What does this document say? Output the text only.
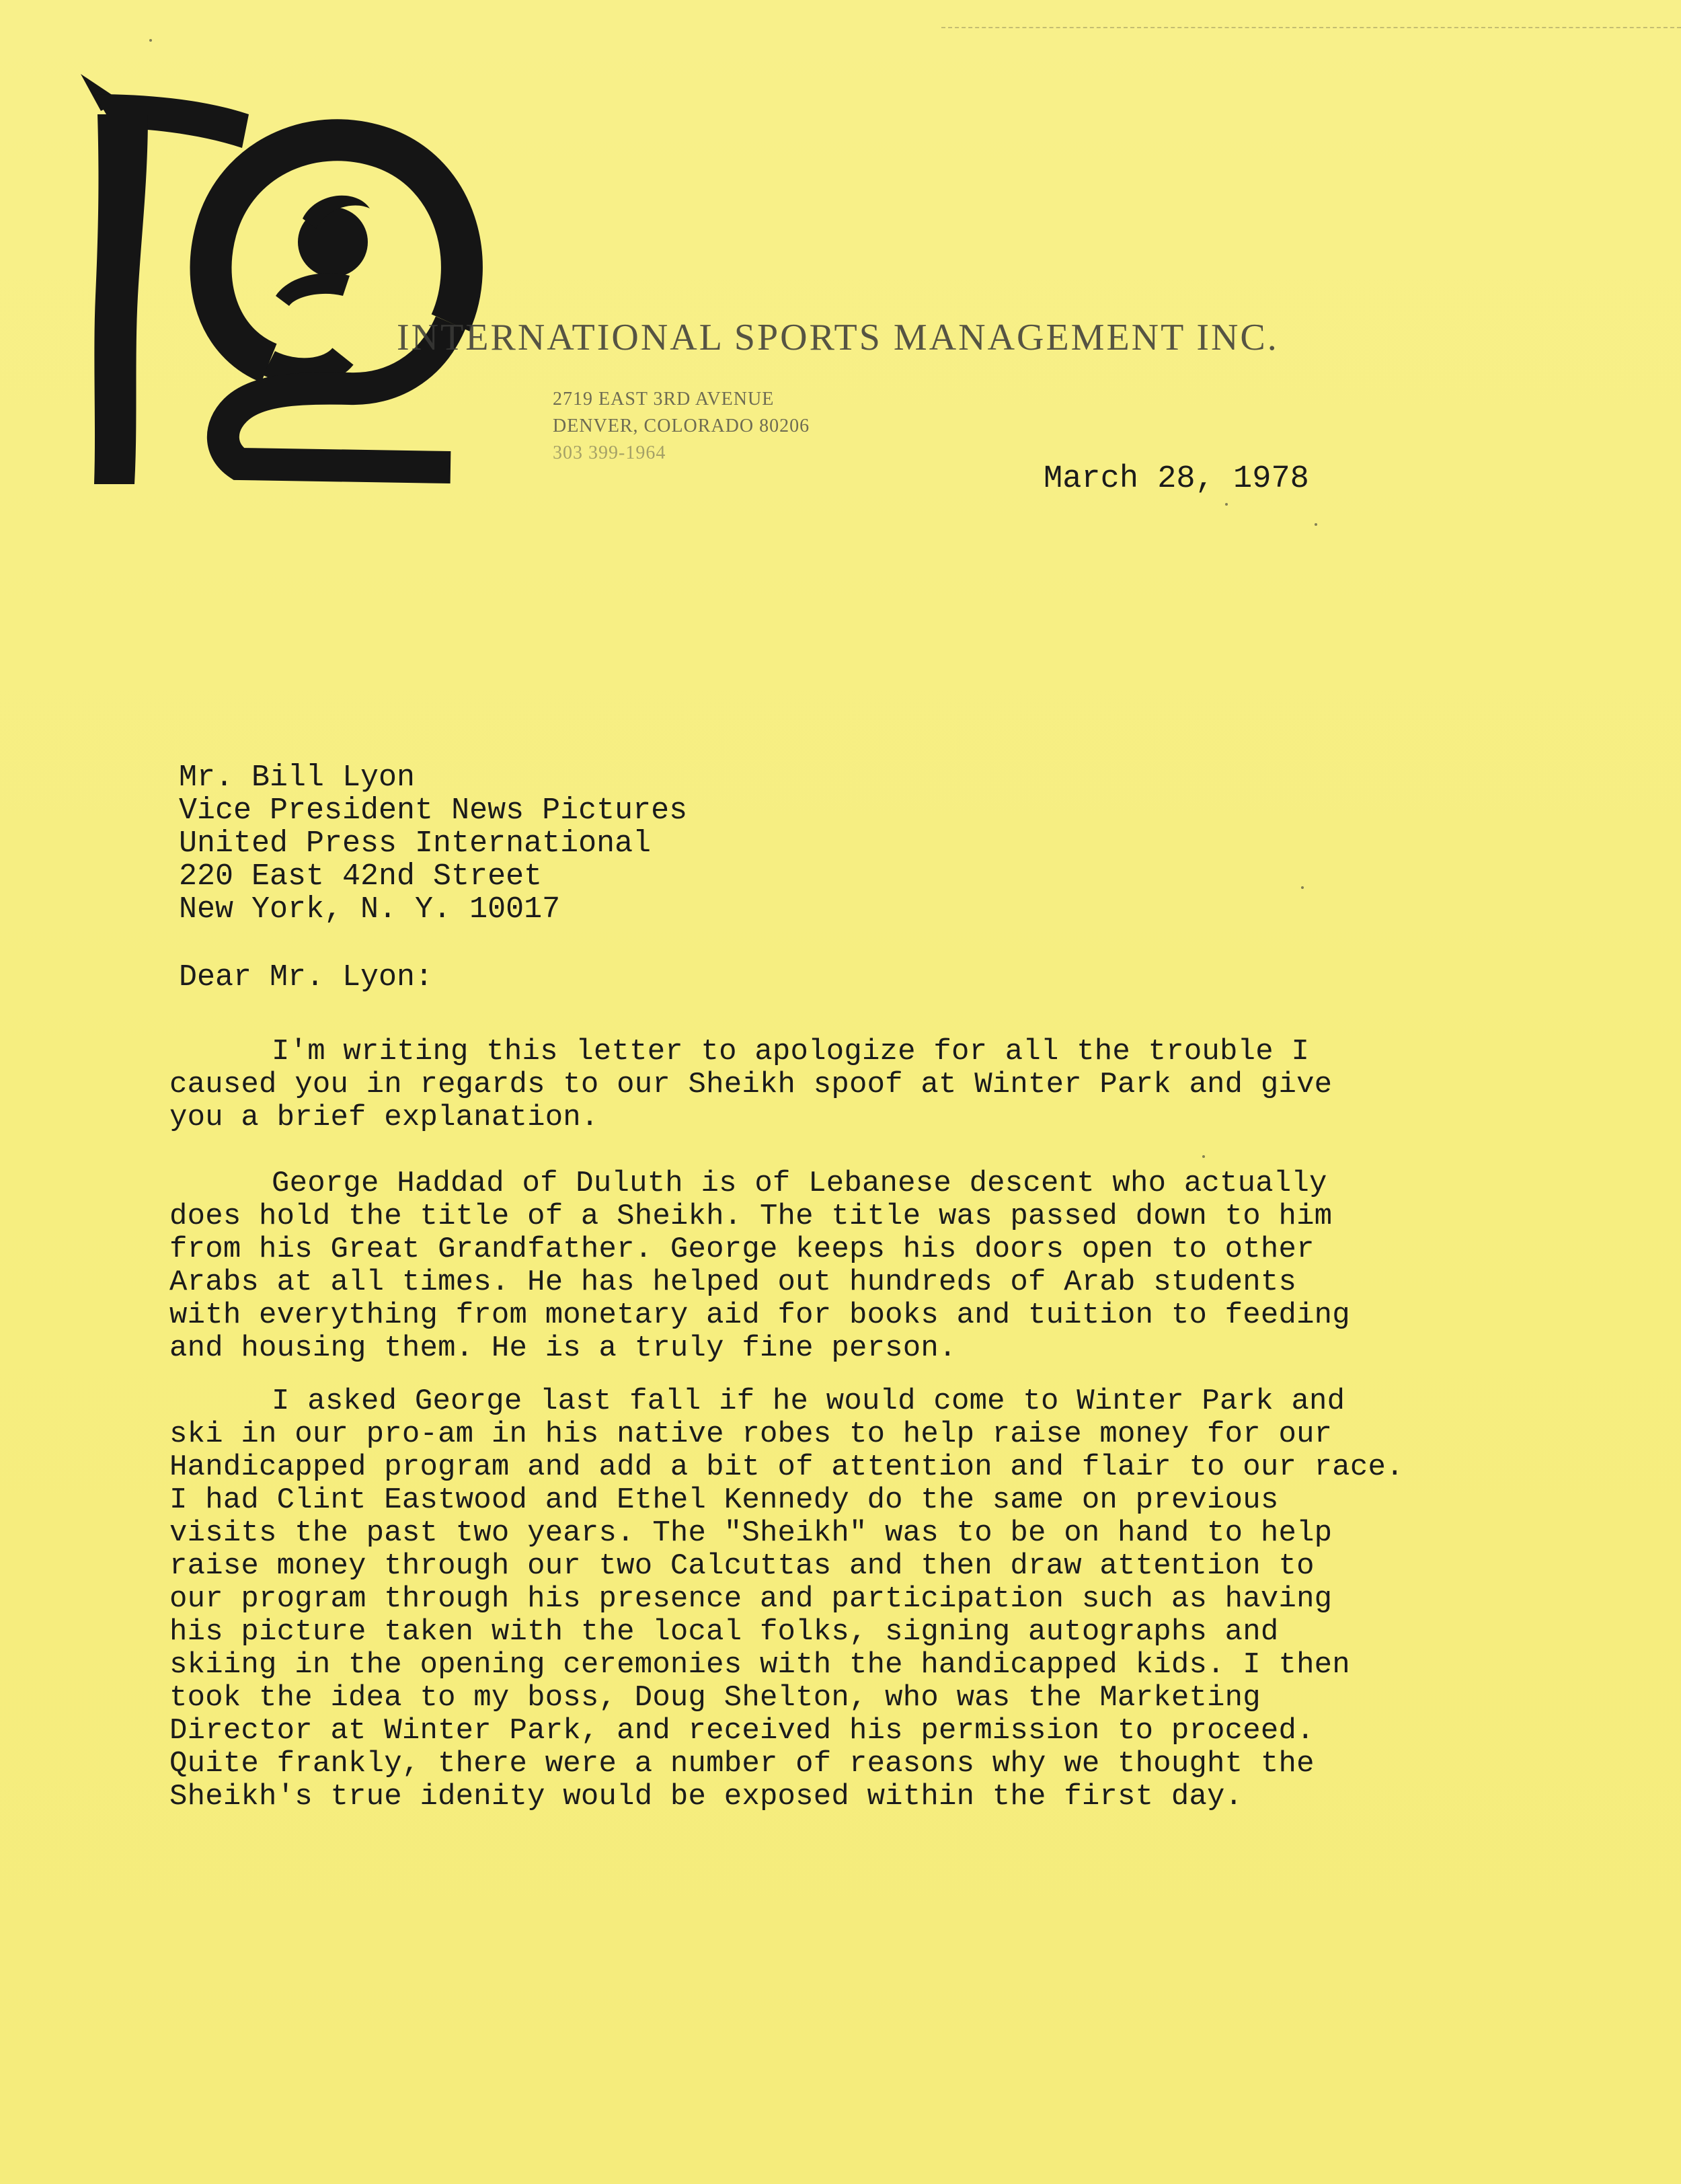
INTERNATIONAL SPORTS MANAGEMENT INC.
2719 EAST 3RD AVENUE
DENVER, COLORADO 80206
303 399-1964
March 28, 1978
Mr. Bill Lyon
Vice President News Pictures
United Press International
220 East 42nd Street
New York, N. Y. 10017
Dear Mr. Lyon:
I'm writing this letter to apologize for all the trouble I
caused you in regards to our Sheikh spoof at Winter Park and give
you a brief explanation.
George Haddad of Duluth is of Lebanese descent who actually
does hold the title of a Sheikh. The title was passed down to him
from his Great Grandfather. George keeps his doors open to other
Arabs at all times. He has helped out hundreds of Arab students
with everything from monetary aid for books and tuition to feeding
and housing them. He is a truly fine person.
I asked George last fall if he would come to Winter Park and
ski in our pro-am in his native robes to help raise money for our
Handicapped program and add a bit of attention and flair to our race.
I had Clint Eastwood and Ethel Kennedy do the same on previous
visits the past two years. The "Sheikh" was to be on hand to help
raise money through our two Calcuttas and then draw attention to
our program through his presence and participation such as having
his picture taken with the local folks, signing autographs and
skiing in the opening ceremonies with the handicapped kids. I then
took the idea to my boss, Doug Shelton, who was the Marketing
Director at Winter Park, and received his permission to proceed.
Quite frankly, there were a number of reasons why we thought the
Sheikh's true idenity would be exposed within the first day.
